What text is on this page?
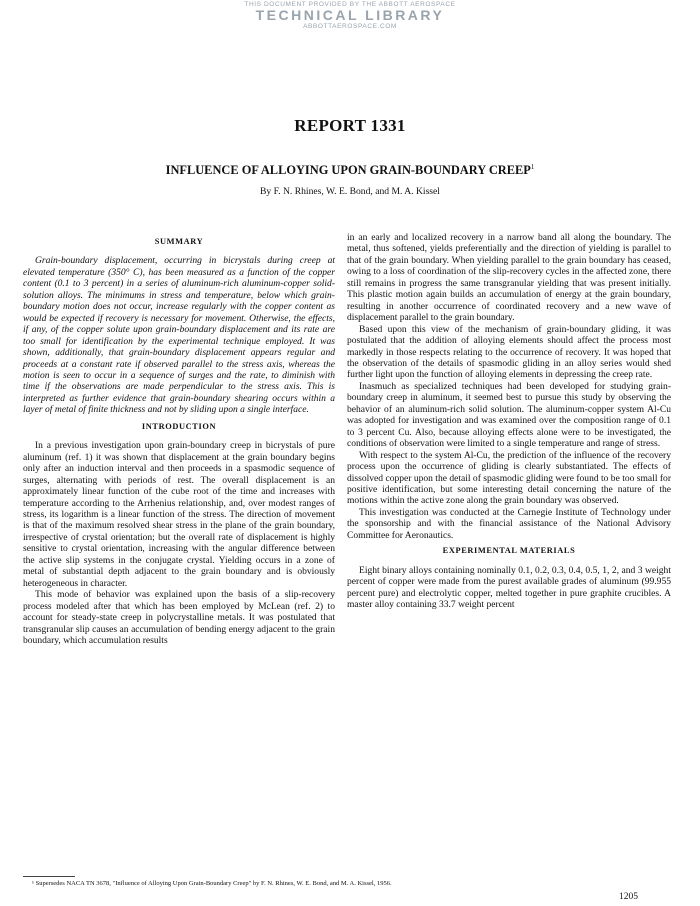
THIS DOCUMENT PROVIDED BY THE ABBOTT AEROSPACE
TECHNICAL LIBRARY
ABBOTTAEROSPACE.COM
REPORT 1331
INFLUENCE OF ALLOYING UPON GRAIN-BOUNDARY CREEP$^1$
By F. N. Rhines, W. E. Bond, and M. A. Kissel
SUMMARY

Grain-boundary displacement, occurring in bicrystals during creep at elevated temperature (350° C), has been measured as a function of the copper content (0.1 to 3 percent) in a series of aluminum-rich aluminum-copper solid-solution alloys. The minimums in stress and temperature, below which grain-boundary motion does not occur, increase regularly with the copper content as would be expected if recovery is necessary for movement. Otherwise, the effects, if any, of the copper solute upon grain-boundary displacement and its rate are too small for identification by the experimental technique employed. It was shown, additionally, that grain-boundary displacement appears regular and proceeds at a constant rate if observed parallel to the stress axis, whereas the motion is seen to occur in a sequence of surges and the rate, to diminish with time if the observations are made perpendicular to the stress axis. This is interpreted as further evidence that grain-boundary shearing occurs within a layer of metal of finite thickness and not by sliding upon a single interface.

INTRODUCTION

In a previous investigation upon grain-boundary creep in bicrystals of pure aluminum (ref. 1) it was shown that displacement at the grain boundary begins only after an induction interval and then proceeds in a spasmodic sequence of surges, alternating with periods of rest. The overall displacement is an approximately linear function of the cube root of the time and increases with temperature according to the Arrhenius relationship, and, over modest ranges of stress, its logarithm is a linear function of the stress. The direction of movement is that of the maximum resolved shear stress in the plane of the grain boundary, irrespective of crystal orientation; but the overall rate of displacement is highly sensitive to crystal orientation, increasing with the angular difference between the active slip systems in the conjugate crystal. Yielding occurs in a zone of metal of substantial depth adjacent to the grain boundary and is obviously heterogeneous in character.

This mode of behavior was explained upon the basis of a slip-recovery process modeled after that which has been employed by McLean (ref. 2) to account for steady-state creep in polycrystalline metals. It was postulated that transgranular slip causes an accumulation of bending energy adjacent to the grain boundary, which accumulation results

in an early and localized recovery in a narrow band all along the boundary. The metal, thus softened, yields preferentially and the direction of yielding is parallel to that of the grain boundary. When yielding parallel to the grain boundary has ceased, owing to a loss of coordination of the slip-recovery cycles in the affected zone, there still remains in progress the same transgranular yielding that was present initially. This plastic motion again builds an accumulation of energy at the grain boundary, resulting in another occurrence of coordinated recovery and a new wave of displacement parallel to the grain boundary.

Based upon this view of the mechanism of grain-boundary gliding, it was postulated that the addition of alloying elements should affect the process most markedly in those respects relating to the occurrence of recovery. It was hoped that the observation of the details of spasmodic gliding in an alloy series would shed further light upon the function of alloying elements in depressing the creep rate.

Inasmuch as specialized techniques had been developed for studying grain-boundary creep in aluminum, it seemed best to pursue this study by observing the behavior of an aluminum-rich solid solution. The aluminum-copper system Al-Cu was adopted for investigation and was examined over the composition range of 0.1 to 3 percent Cu. Also, because alloying effects alone were to be investigated, the conditions of observation were limited to a single temperature and range of stress.

With respect to the system Al-Cu, the prediction of the influence of the recovery process upon the occurrence of gliding is clearly substantiated. The effects of dissolved copper upon the detail of spasmodic gliding were found to be too small for positive identification, but some interesting detail concerning the nature of the motions within the active zone along the grain boundary was observed.

This investigation was conducted at the Carnegie Institute of Technology under the sponsorship and with the financial assistance of the National Advisory Committee for Aeronautics.

EXPERIMENTAL MATERIALS

Eight binary alloys containing nominally 0.1, 0.2, 0.3, 0.4, 0.5, 1, 2, and 3 weight percent of copper were made from the purest available grades of aluminum (99.955 percent pure) and electrolytic copper, melted together in pure graphite crucibles. A master alloy containing 33.7 weight percent

¹ Supersedes NACA TN 3678, "Influence of Alloying Upon Grain-Boundary Creep" by F. N. Rhines, W. E. Bond, and M. A. Kissel, 1956.
1205
